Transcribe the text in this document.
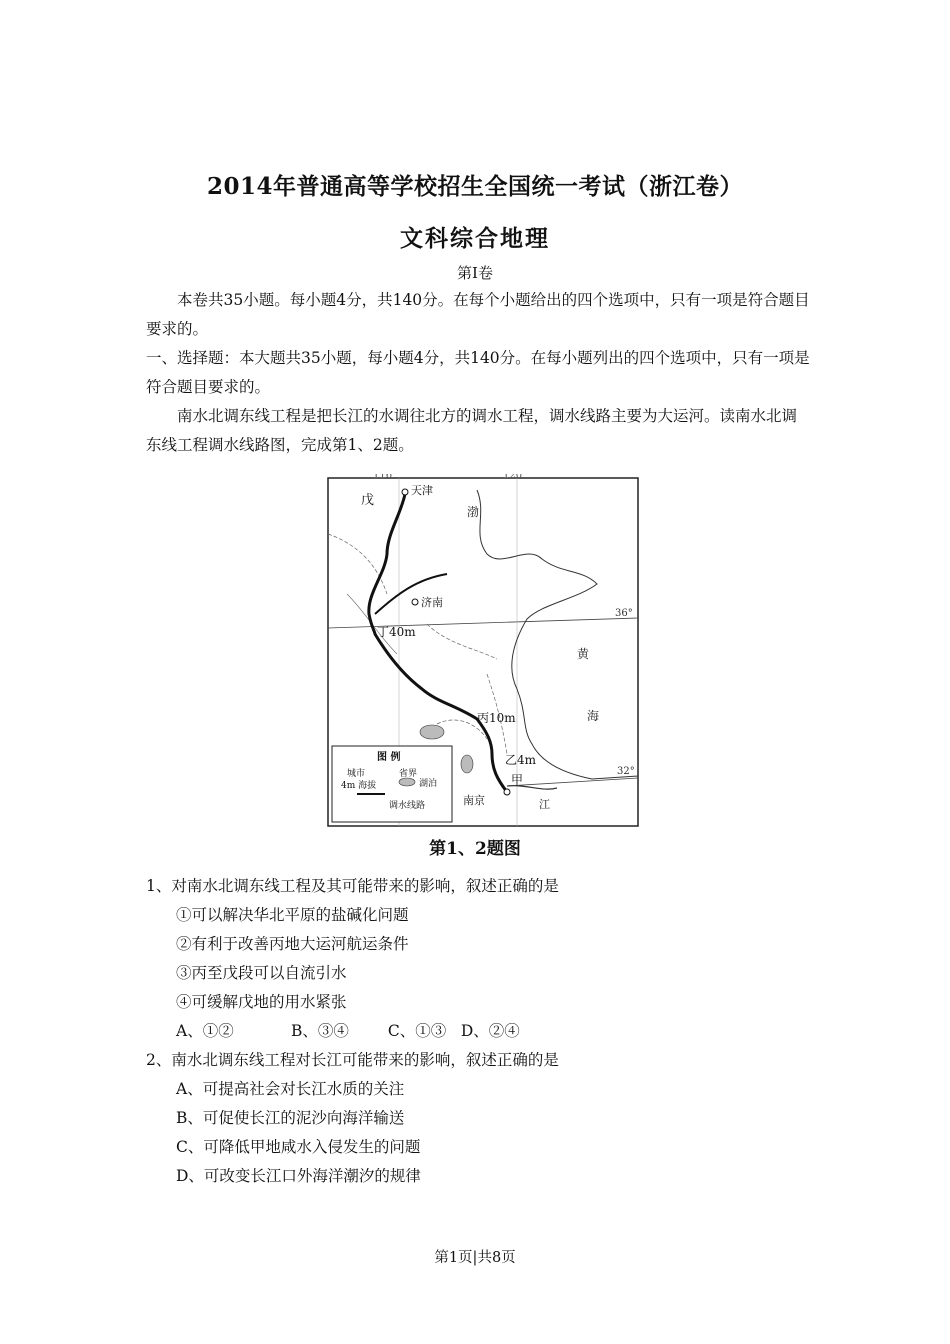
2014年普通高等学校招生全国统一考试（浙江卷）
文科综合地理
第Ⅰ卷
本卷共35小题。每小题4分，共140分。在每个小题给出的四个选项中，只有一项是符合题目要求的。
一、选择题：本大题共35小题，每小题4分，共140分。在每小题列出的四个选项中，只有一项是符合题目要求的。
南水北调东线工程是把长江的水调往北方的调水工程，调水线路主要为大运河。读南水北调东线工程调水线路图，完成第1、2题。
116°	120°
36°
32°
天津
戊
济南
丁40m
丙10m
乙4m
甲
南京
黄
海
渤
江
图 例
城市	省界
4m 海拔	湖泊
调水线路
第1、2题图
1、对南水北调东线工程及其可能带来的影响，叙述正确的是
①可以解决华北平原的盐碱化问题
②有利于改善丙地大运河航运条件
③丙至戊段可以自流引水
④可缓解戊地的用水紧张
A、①②	B、③④	C、①③ D、②④
2、南水北调东线工程对长江可能带来的影响，叙述正确的是
A、可提高社会对长江水质的关注
B、可促使长江的泥沙向海洋输送
C、可降低甲地咸水入侵发生的问题
D、可改变长江口外海洋潮汐的规律
第1页|共8页
